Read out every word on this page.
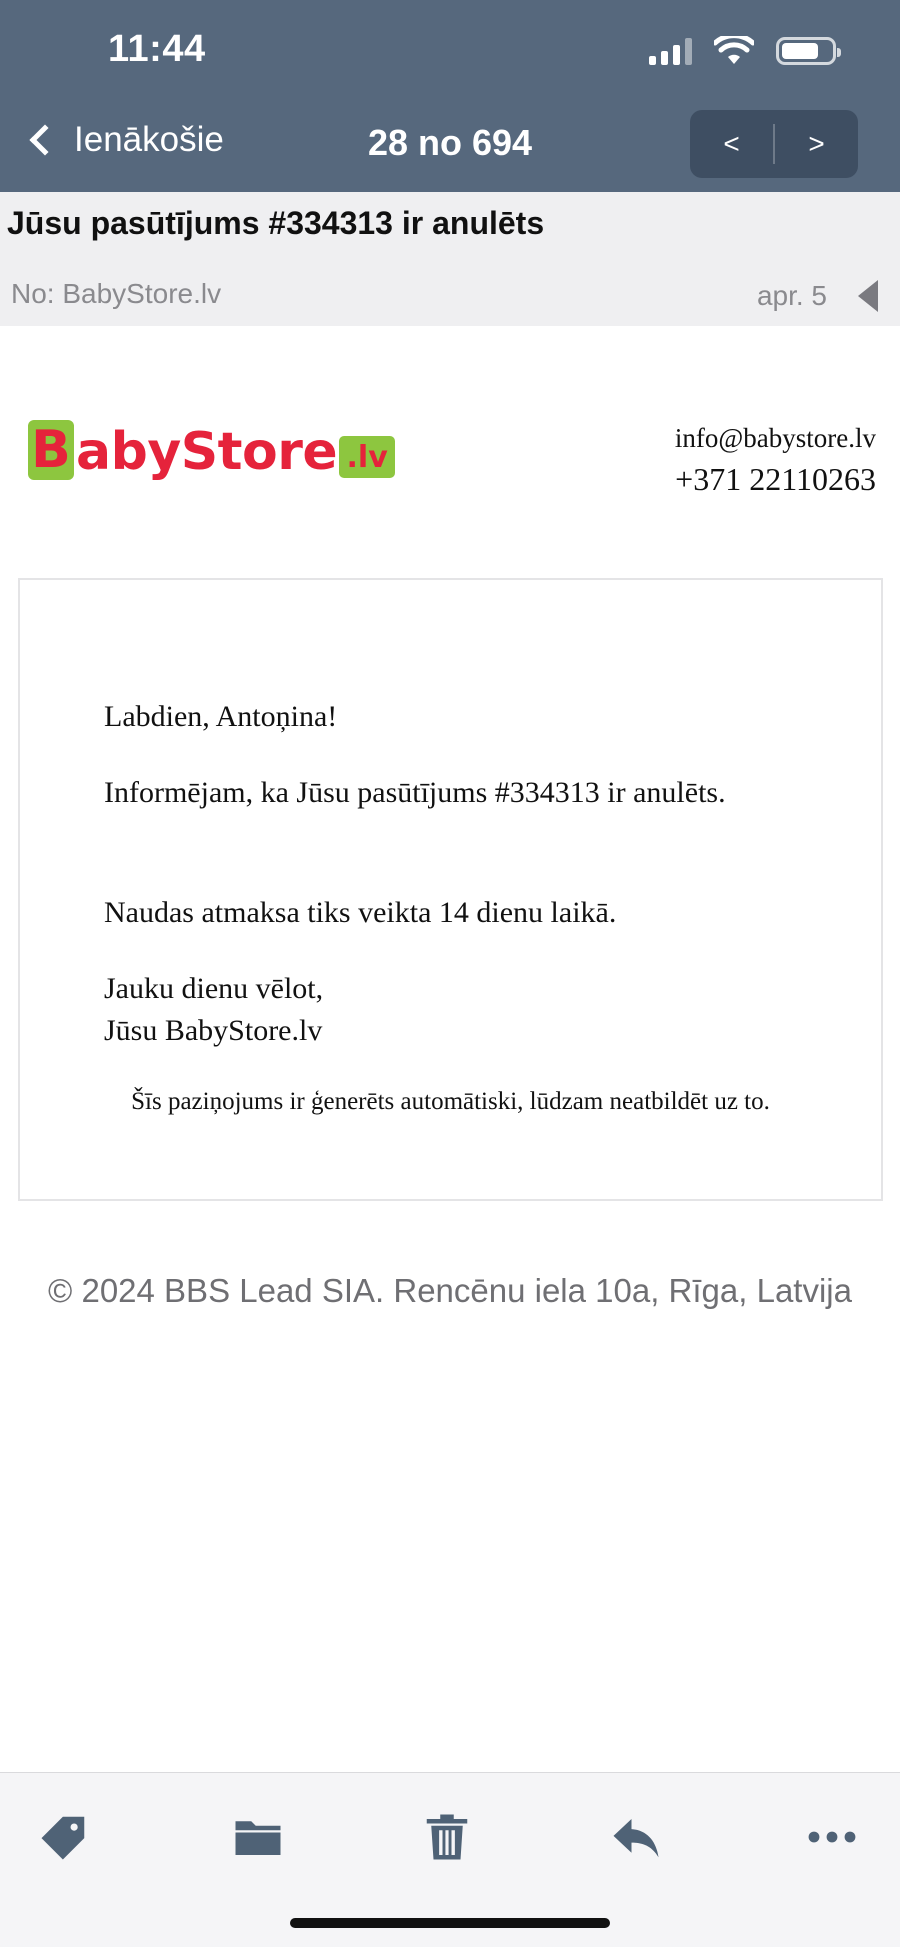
11:44
28 no 694
Ienākošie	<	>
Jūsu pasūtījums #334313 ir anulēts
No: BabyStore.lv	apr. 5
B abyStore .lv
info@babystore.lv
+371 22110263

Labdien, Antoņina!

Informējam, ka Jūsu pasūtījums #334313 ir anulēts.

Naudas atmaksa tiks veikta 14 dienu laikā.

Jauku dienu vēlot,

Jūsu BabyStore.lv

Šīs paziņojums ir ģenerēts automātiski, lūdzam neatbildēt uz to.
© 2024 BBS Lead SIA. Rencēnu iela 10a, Rīga, Latvija
